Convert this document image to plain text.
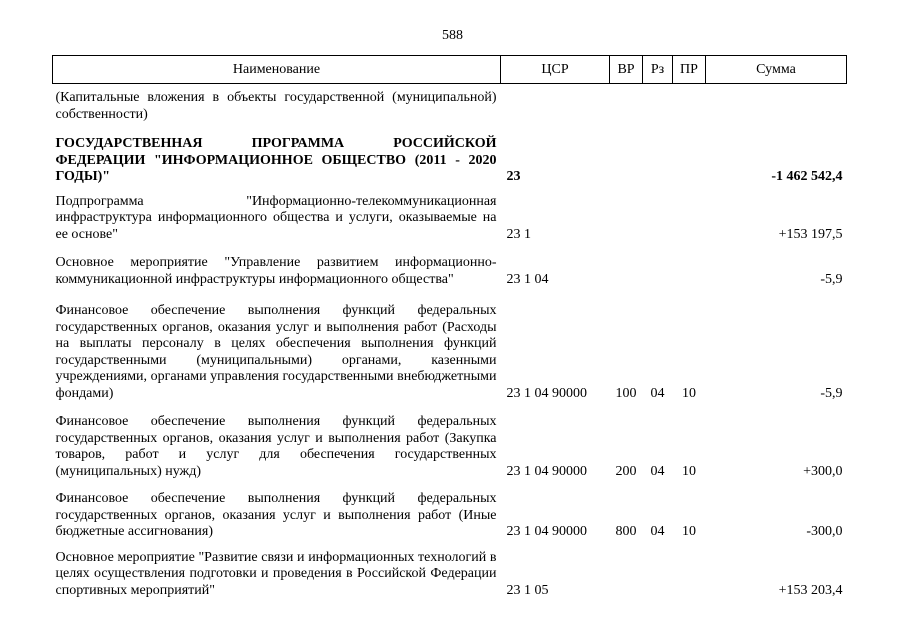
588
Наименование	ЦСР	ВР	Рз	ПР	Сумма

(Капитальные вложения в объекты государственной (муниципальной) собственности)					

ГОСУДАРСТВЕННАЯ ПРОГРАММА РОССИЙСКОЙ ФЕДЕРАЦИИ "ИНФОРМАЦИОННОЕ ОБЩЕСТВО (2011 - 2020 ГОДЫ)"	23				-1 462 542,4

Подпрограмма "Информационно-телекоммуникационная инфраструктура информационного общества и услуги, оказываемые на ее основе"	23 1				+153 197,5

Основное мероприятие "Управление развитием информационно-коммуникационной инфраструктуры информационного общества"	23 1 04				-5,9

Финансовое обеспечение выполнения функций федеральных государственных органов, оказания услуг и выполнения работ (Расходы на выплаты персоналу в целях обеспечения выполнения функций государственными (муниципальными) органами, казенными учреждениями, органами управления государственными внебюджетными фондами)	23 1 04 90000	100	04	10	-5,9

Финансовое обеспечение выполнения функций федеральных государственных органов, оказания услуг и выполнения работ (Закупка товаров, работ и услуг для обеспечения государственных (муниципальных) нужд)	23 1 04 90000	200	04	10	+300,0

Финансовое обеспечение выполнения функций федеральных государственных органов, оказания услуг и выполнения работ (Иные бюджетные ассигнования)	23 1 04 90000	800	04	10	-300,0

Основное мероприятие "Развитие связи и информационных технологий в целях осуществления подготовки и проведения в Российской Федерации спортивных мероприятий"	23 1 05				+153 203,4
